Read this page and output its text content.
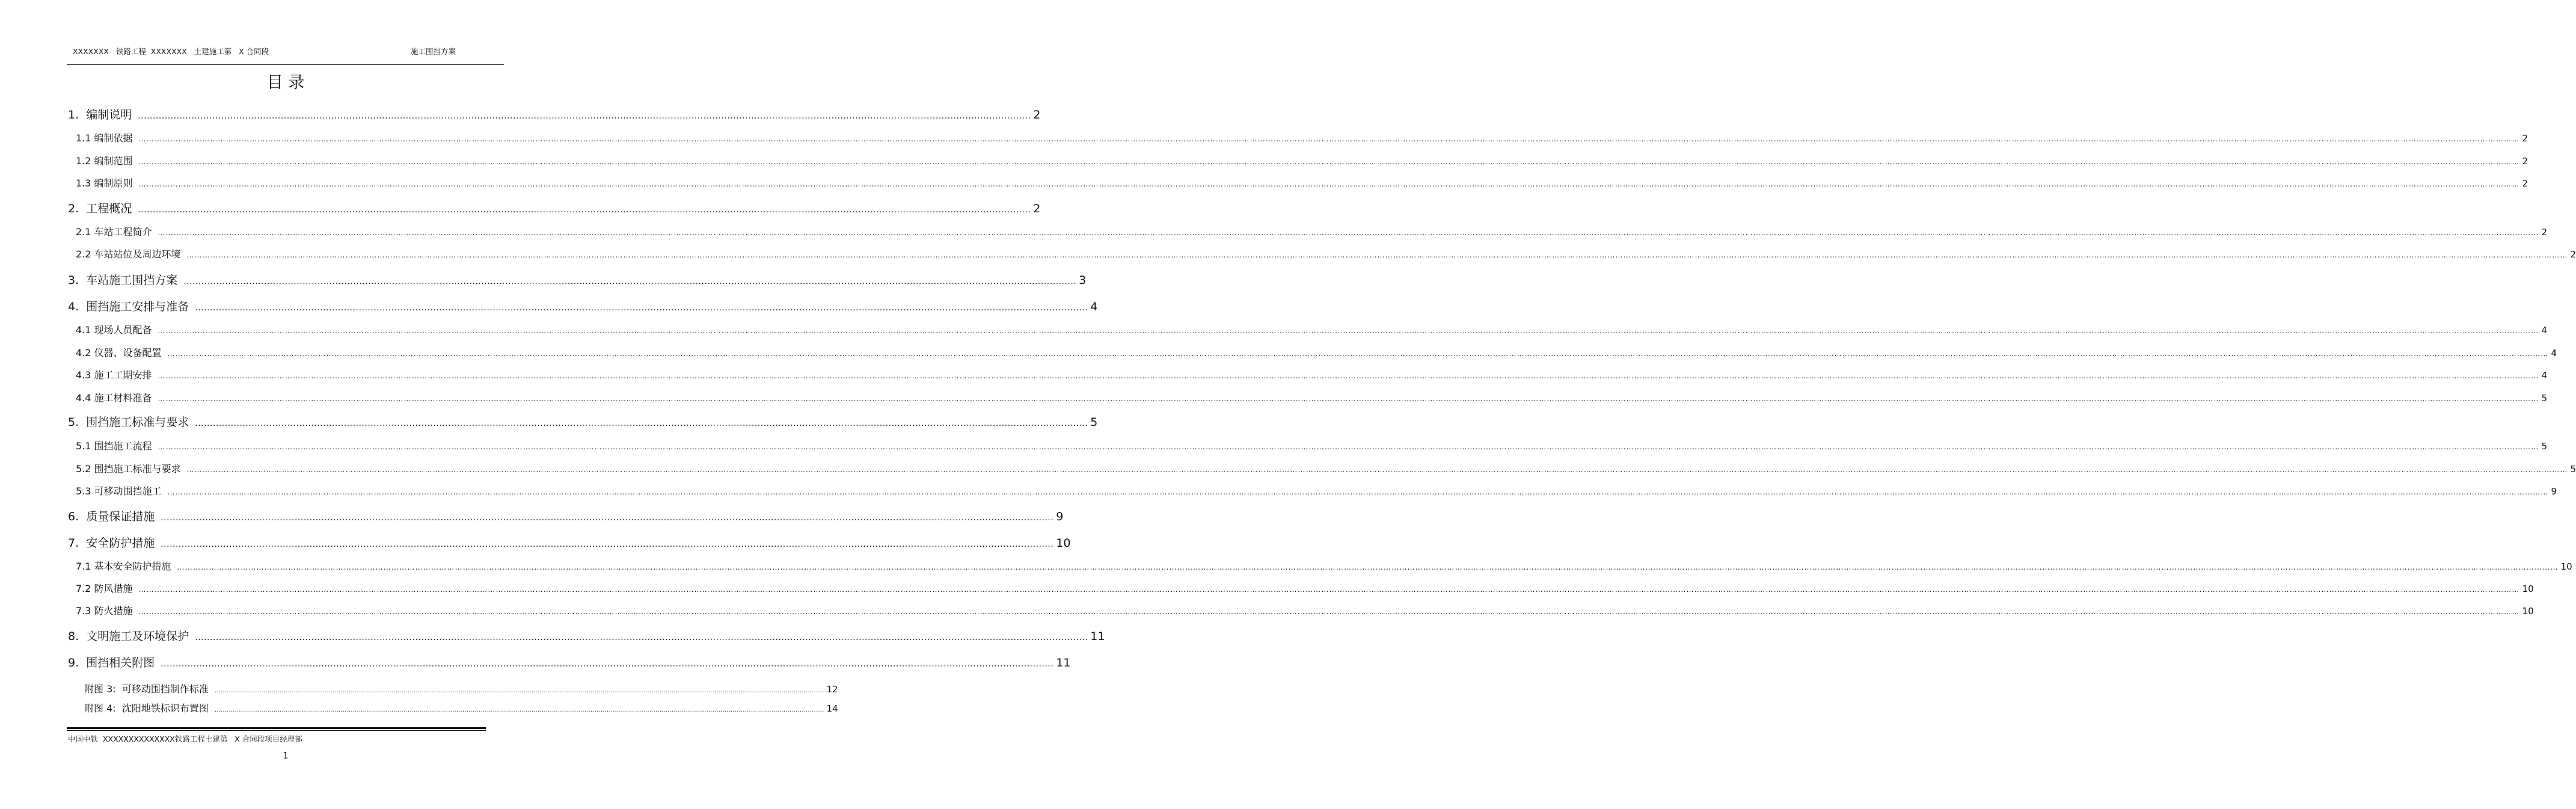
XXXXXXX   铁路工程  XXXXXXX   土建施工第   X 合同段	施工围挡方案
目 录
1.  编制说明 ............................................................................................................................................................................................................................................................................................................ 2
1.1 编制依据 ……………………………………………………………………………………………………………………………………………………………………………………………………………………………………………………………………………………………………………………………………………………………………………………………………………………………………………………………………………………………………………………………………………………………………………………………………………………………………………………………………………………………………………………………………………………………………………………………………………………………… 2
1.2 编制范围 ……………………………………………………………………………………………………………………………………………………………………………………………………………………………………………………………………………………………………………………………………………………………………………………………………………………………………………………………………………………………………………………………………………………………………………………………………………………………………………………………………………………………………………………………………………………………………………………………………………………………… 2
1.3 编制原则 ……………………………………………………………………………………………………………………………………………………………………………………………………………………………………………………………………………………………………………………………………………………………………………………………………………………………………………………………………………………………………………………………………………………………………………………………………………………………………………………………………………………………………………………………………………………………………………………………………………………………… 2
2.  工程概况 ............................................................................................................................................................................................................................................................................................................ 2
2.1 车站工程简介 ……………………………………………………………………………………………………………………………………………………………………………………………………………………………………………………………………………………………………………………………………………………………………………………………………………………………………………………………………………………………………………………………………………………………………………………………………………………………………………………………………………………………………………………………………………………………………………………………………………………………… 2
2.2 车站站位及周边环境 ……………………………………………………………………………………………………………………………………………………………………………………………………………………………………………………………………………………………………………………………………………………………………………………………………………………………………………………………………………………………………………………………………………………………………………………………………………………………………………………………………………………………………………………………………………………………………………………………………………………………… 2
3.  车站施工围挡方案 ............................................................................................................................................................................................................................................................................................................ 3
4.  围挡施工安排与准备 ............................................................................................................................................................................................................................................................................................................ 4
4.1 现场人员配备 ……………………………………………………………………………………………………………………………………………………………………………………………………………………………………………………………………………………………………………………………………………………………………………………………………………………………………………………………………………………………………………………………………………………………………………………………………………………………………………………………………………………………………………………………………………………………………………………………………………………………… 4
4.2 仪器、设备配置 ……………………………………………………………………………………………………………………………………………………………………………………………………………………………………………………………………………………………………………………………………………………………………………………………………………………………………………………………………………………………………………………………………………………………………………………………………………………………………………………………………………………………………………………………………………………………………………………………………………………………… 4
4.3 施工工期安排 ……………………………………………………………………………………………………………………………………………………………………………………………………………………………………………………………………………………………………………………………………………………………………………………………………………………………………………………………………………………………………………………………………………………………………………………………………………………………………………………………………………………………………………………………………………………………………………………………………………………………… 4
4.4 施工材料准备 ……………………………………………………………………………………………………………………………………………………………………………………………………………………………………………………………………………………………………………………………………………………………………………………………………………………………………………………………………………………………………………………………………………………………………………………………………………………………………………………………………………………………………………………………………………………………………………………………………………………………… 5
5.  围挡施工标准与要求 ............................................................................................................................................................................................................................................................................................................ 5
5.1 围挡施工流程 ……………………………………………………………………………………………………………………………………………………………………………………………………………………………………………………………………………………………………………………………………………………………………………………………………………………………………………………………………………………………………………………………………………………………………………………………………………………………………………………………………………………………………………………………………………………………………………………………………………………………… 5
5.2 围挡施工标准与要求 ……………………………………………………………………………………………………………………………………………………………………………………………………………………………………………………………………………………………………………………………………………………………………………………………………………………………………………………………………………………………………………………………………………………………………………………………………………………………………………………………………………………………………………………………………………………………………………………………………………………………… 5
5.3 可移动围挡施工 ……………………………………………………………………………………………………………………………………………………………………………………………………………………………………………………………………………………………………………………………………………………………………………………………………………………………………………………………………………………………………………………………………………………………………………………………………………………………………………………………………………………………………………………………………………………………………………………………………………………………… 9
6.  质量保证措施 ............................................................................................................................................................................................................................................................................................................ 9
7.  安全防护措施 ............................................................................................................................................................................................................................................................................................................ 10
7.1 基本安全防护措施 ……………………………………………………………………………………………………………………………………………………………………………………………………………………………………………………………………………………………………………………………………………………………………………………………………………………………………………………………………………………………………………………………………………………………………………………………………………………………………………………………………………………………………………………………………………………………………………………………………………………………… 10
7.2 防风措施 ……………………………………………………………………………………………………………………………………………………………………………………………………………………………………………………………………………………………………………………………………………………………………………………………………………………………………………………………………………………………………………………………………………………………………………………………………………………………………………………………………………………………………………………………………………………………………………………………………………………………… 10
7.3 防火措施 ……………………………………………………………………………………………………………………………………………………………………………………………………………………………………………………………………………………………………………………………………………………………………………………………………………………………………………………………………………………………………………………………………………………………………………………………………………………………………………………………………………………………………………………………………………………………………………………………………………………………… 10
8.  文明施工及环境保护 ............................................................................................................................................................................................................................................................................................................ 11
9.  围挡相关附图 ............................................................................................................................................................................................................................................................................................................ 11
附图 3:  可移动围挡制作标准 ............................................................................................................................................................................................................................................................................................................ 12
附图 4:  沈阳地铁标识布置图 ............................................................................................................................................................................................................................................................................................................ 14
中国中铁  XXXXXXXXXXXXXX铁路工程土建第   X 合同段项目经理部
1
